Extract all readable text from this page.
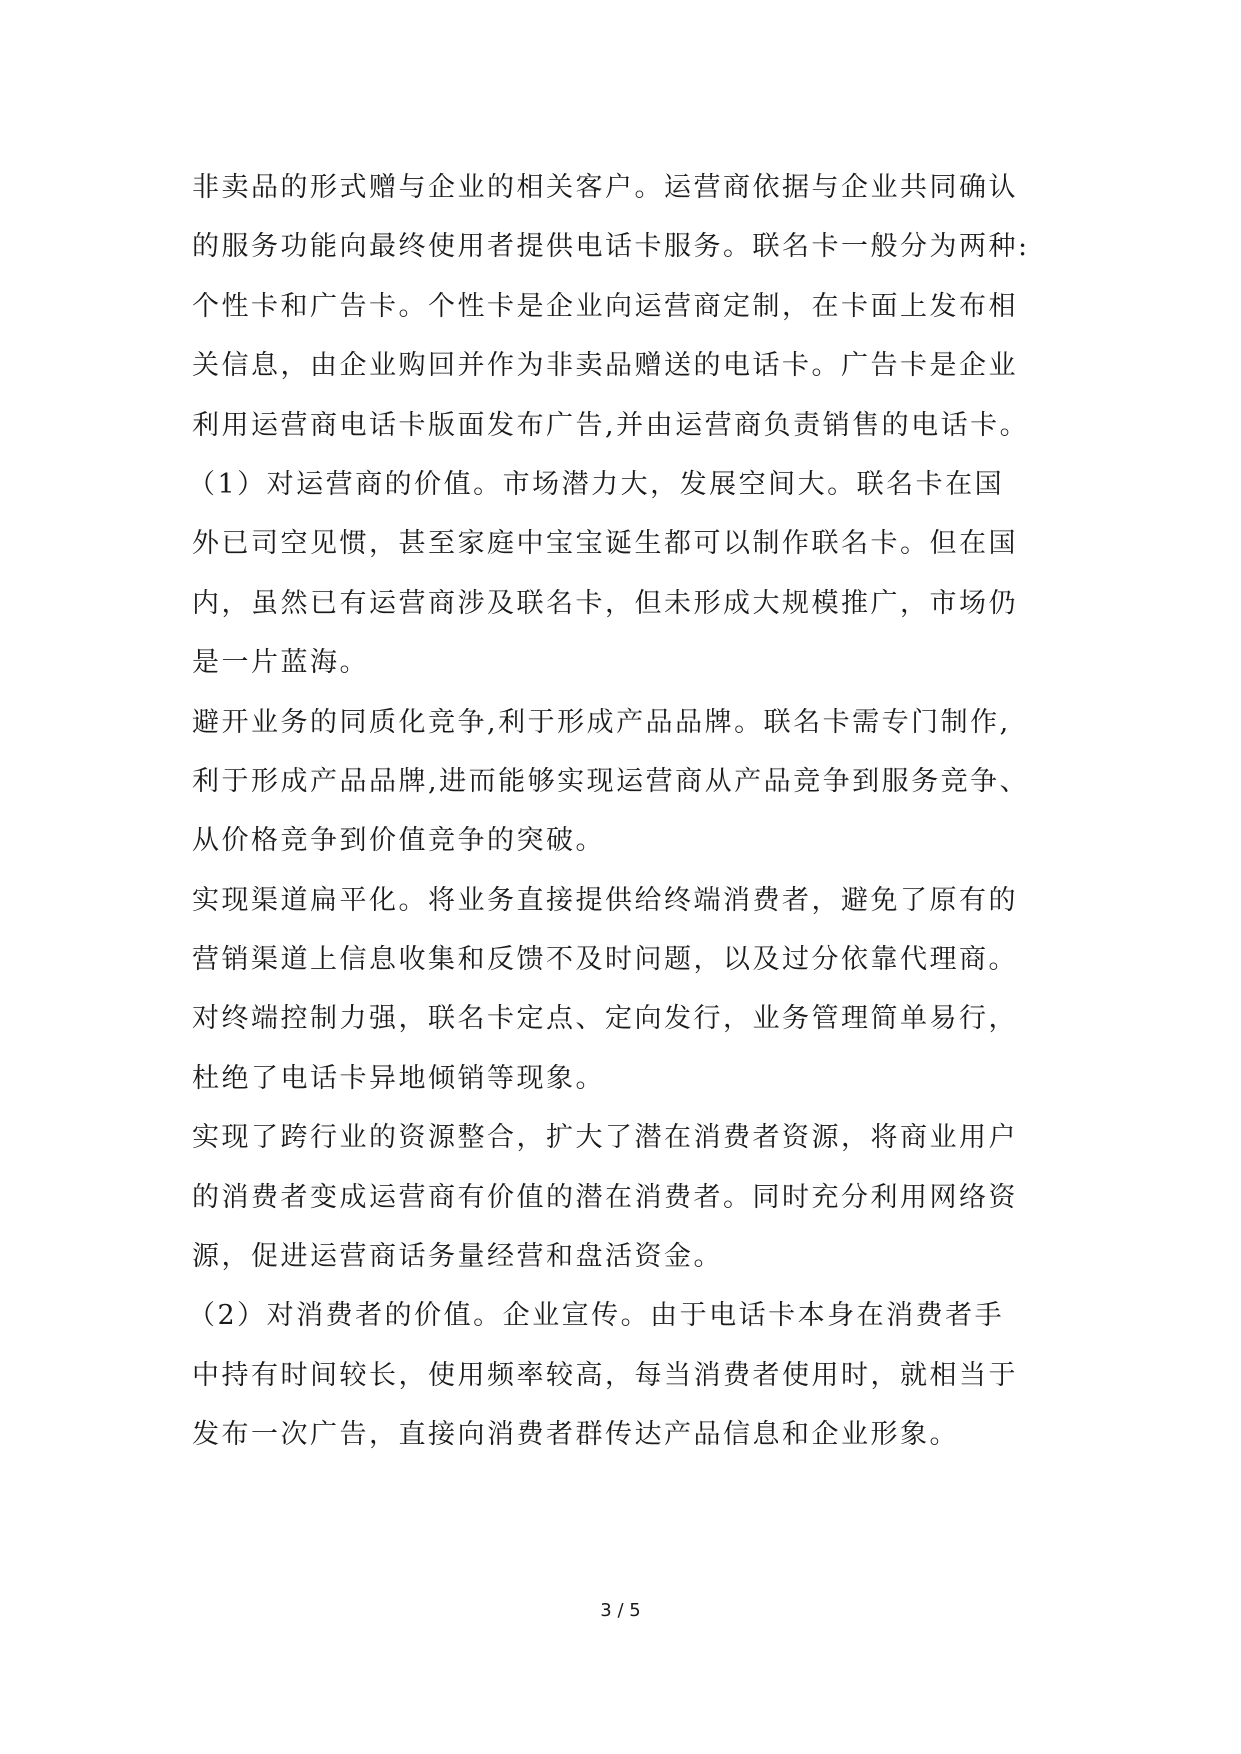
非卖品的形式赠与企业的相关客户。运营商依据与企业共同确认
的服务功能向最终使用者提供电话卡服务。联名卡一般分为两种:
个性卡和广告卡。个性卡是企业向运营商定制，在卡面上发布相
关信息，由企业购回并作为非卖品赠送的电话卡。广告卡是企业
利用运营商电话卡版面发布广告,并由运营商负责销售的电话卡。
（1）对运营商的价值。市场潜力大，发展空间大。联名卡在国
外已司空见惯，甚至家庭中宝宝诞生都可以制作联名卡。但在国
内，虽然已有运营商涉及联名卡，但未形成大规模推广，市场仍
是一片蓝海。
避开业务的同质化竞争,利于形成产品品牌。联名卡需专门制作,
利于形成产品品牌,进而能够实现运营商从产品竞争到服务竞争、
从价格竞争到价值竞争的突破。
实现渠道扁平化。将业务直接提供给终端消费者，避免了原有的
营销渠道上信息收集和反馈不及时问题，以及过分依靠代理商。
对终端控制力强，联名卡定点、定向发行，业务管理简单易行，
杜绝了电话卡异地倾销等现象。
实现了跨行业的资源整合，扩大了潜在消费者资源，将商业用户
的消费者变成运营商有价值的潜在消费者。同时充分利用网络资
源，促进运营商话务量经营和盘活资金。
（2）对消费者的价值。企业宣传。由于电话卡本身在消费者手
中持有时间较长，使用频率较高，每当消费者使用时，就相当于
发布一次广告，直接向消费者群传达产品信息和企业形象。
3 / 5
